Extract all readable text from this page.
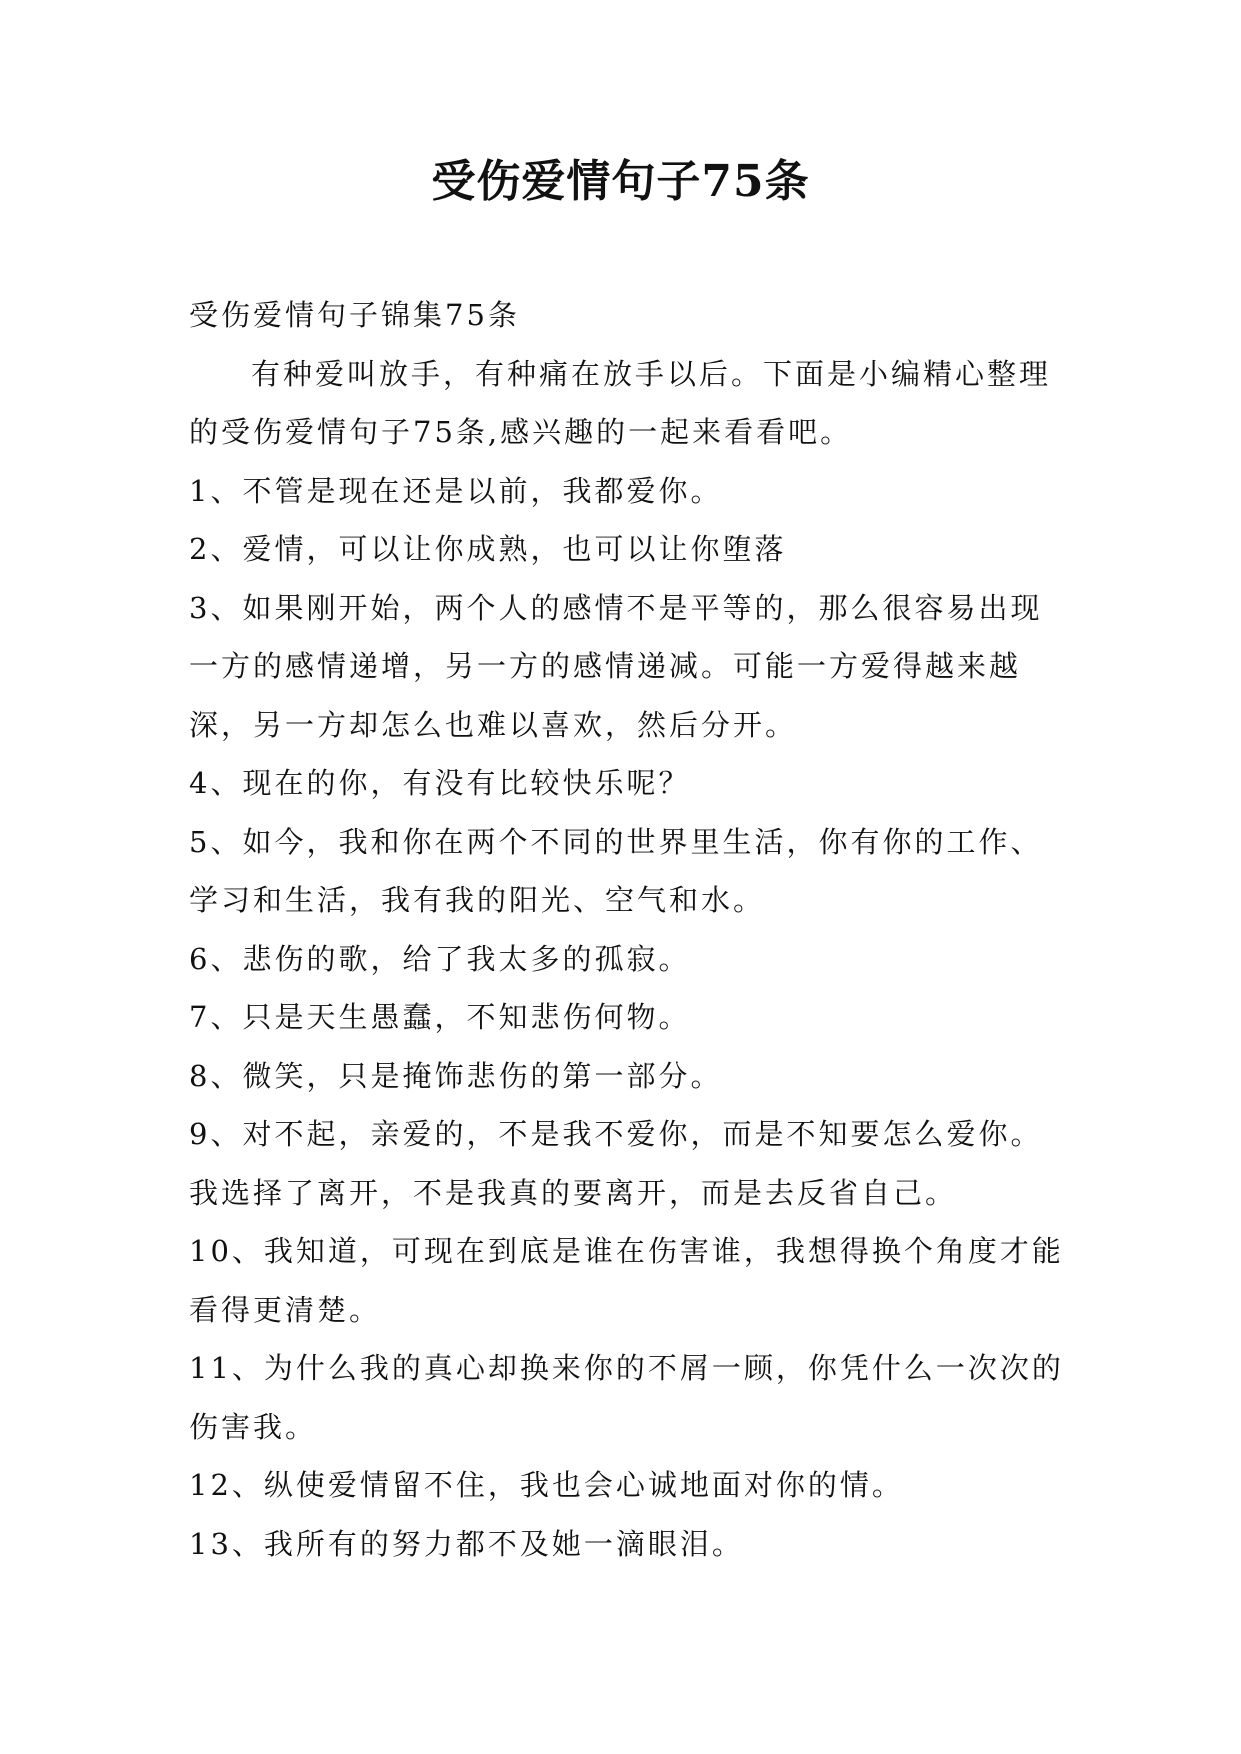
受伤爱情句子75条

受伤爱情句子锦集75条

有种爱叫放手，有种痛在放手以后。下面是小编精心整理的受伤爱情句子75条,感兴趣的一起来看看吧。

1、不管是现在还是以前，我都爱你。

2、爱情，可以让你成熟，也可以让你堕落

3、如果刚开始，两个人的感情不是平等的，那么很容易出现一方的感情递增，另一方的感情递减。可能一方爱得越来越深，另一方却怎么也难以喜欢，然后分开。

4、现在的你，有没有比较快乐呢？

5、如今，我和你在两个不同的世界里生活，你有你的工作、学习和生活，我有我的阳光、空气和水。

6、悲伤的歌，给了我太多的孤寂。

7、只是天生愚蠢，不知悲伤何物。

8、微笑，只是掩饰悲伤的第一部分。

9、对不起，亲爱的，不是我不爱你，而是不知要怎么爱你。我选择了离开，不是我真的要离开，而是去反省自己。

10、我知道，可现在到底是谁在伤害谁，我想得换个角度才能看得更清楚。

11、为什么我的真心却换来你的不屑一顾，你凭什么一次次的伤害我。

12、纵使爱情留不住，我也会心诚地面对你的情。

13、我所有的努力都不及她一滴眼泪。
